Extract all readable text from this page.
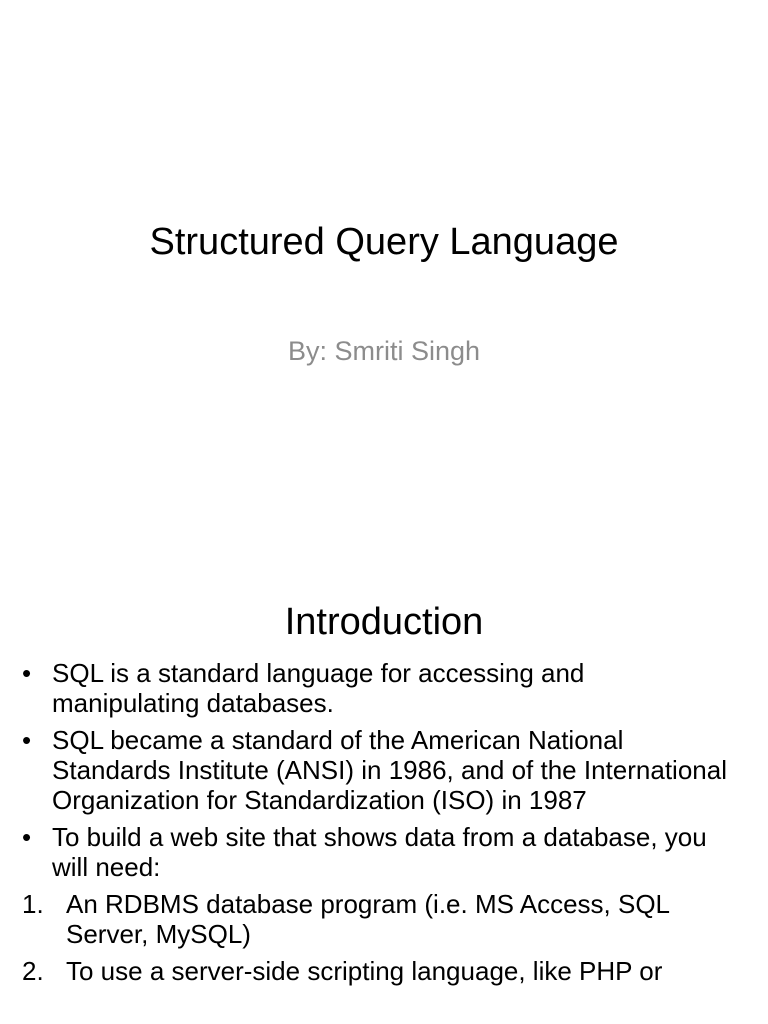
Structured Query Language
By: Smriti Singh
Introduction
• SQL is a standard language for accessing and manipulating databases.
• SQL became a standard of the American National Standards Institute (ANSI) in 1986, and of the International Organization for Standardization (ISO) in 1987
• To build a web site that shows data from a database, you will need:
1. An RDBMS database program (i.e. MS Access, SQL Server, MySQL)
2. To use a server-side scripting language, like PHP or
